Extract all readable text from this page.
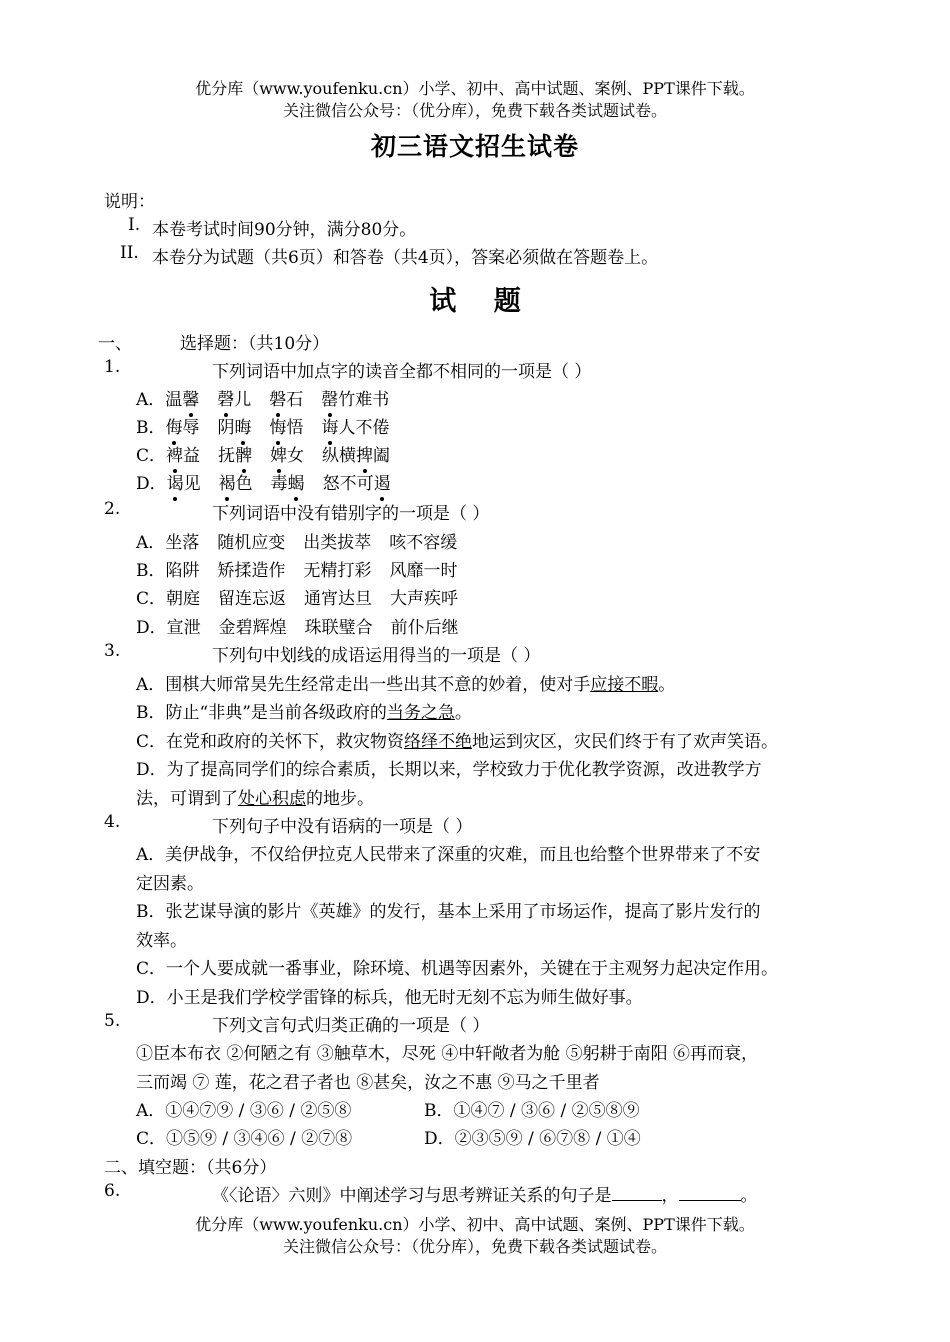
优分库（www.youfenku.cn）小学、初中、高中试题、案例、PPT课件下载。
关注微信公众号：（优分库），免费下载各类试题试卷。
初三语文招生试卷
说明：
I. 本卷考试时间90分钟，满分80分。
II. 本卷分为试题（共6页）和答卷（共4页），答案必须做在答题卷上。
试 题
一、	选择题：（共10分）
1.	下列词语中加点字的读音全都不相同的一项是（ ）
A．温馨 磬儿 磐石 罄竹难书
B．侮辱 阴晦 悔悟 诲人不倦
C．裨益 抚髀 婢女 纵横捭阖
D．谒见 褐色 毒蝎 怒不可遏
2.	下列词语中没有错别字的一项是（ ）
A．坐落 随机应变 出类拔萃 咳不容缓
B．陷阱 矫揉造作 无精打彩 风靡一时
C．朝庭 留连忘返 通宵达旦 大声疾呼
D．宣泄 金碧辉煌 珠联璧合 前仆后继
3.	下列句中划线的成语运用得当的一项是（ ）
A．围棋大师常昊先生经常走出一些出其不意的妙着，使对手应接不暇。
B．防止“非典”是当前各级政府的当务之急。
C．在党和政府的关怀下，救灾物资络绎不绝地运到灾区，灾民们终于有了欢声笑语。
D．为了提高同学们的综合素质，长期以来，学校致力于优化教学资源，改进教学方
法，可谓到了处心积虑的地步。
4.	下列句子中没有语病的一项是（ ）
A．美伊战争，不仅给伊拉克人民带来了深重的灾难，而且也给整个世界带来了不安
定因素。
B．张艺谋导演的影片《英雄》的发行，基本上采用了市场运作，提高了影片发行的
效率。
C．一个人要成就一番事业，除环境、机遇等因素外，关键在于主观努力起决定作用。
D．小王是我们学校学雷锋的标兵，他无时无刻不忘为师生做好事。
5.	下列文言句式归类正确的一项是（ ）
①臣本布衣 ②何陋之有 ③触草木，尽死 ④中轩敞者为舱 ⑤躬耕于南阳 ⑥再而衰，
三而竭 ⑦ 莲，花之君子者也 ⑧甚矣，汝之不惠 ⑨马之千里者
A．①④⑦⑨ / ③⑥ / ②⑤⑧	B．①④⑦ / ③⑥ / ②⑤⑧⑨
C．①⑤⑨ / ③④⑥ / ②⑦⑧	D．②③⑤⑨ / ⑥⑦⑧ / ①④
二、填空题：（共6分）
6.	《〈论语〉六则》中阐述学习与思考辨证关系的句子是	，	。
优分库（www.youfenku.cn）小学、初中、高中试题、案例、PPT课件下载。
关注微信公众号：（优分库），免费下载各类试题试卷。
